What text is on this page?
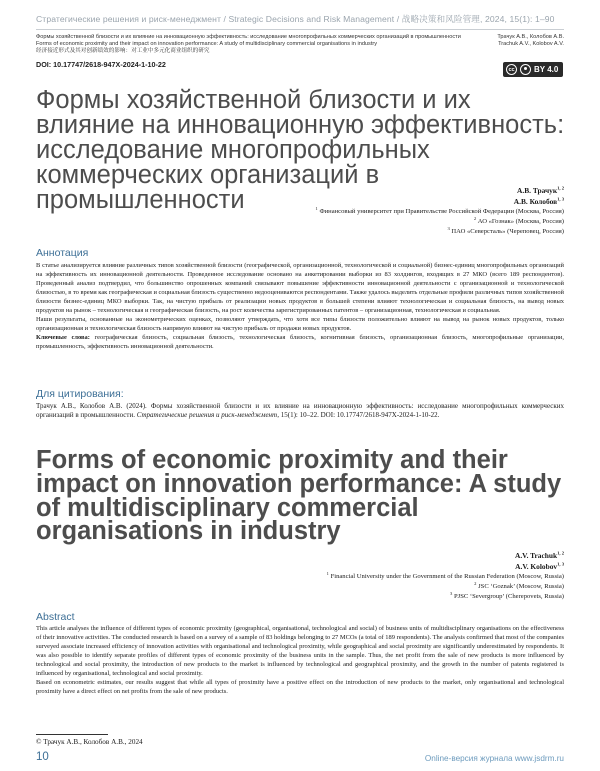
Стратегические решения и риск-менеджмент / Strategic Decisions and Risk Management / 战略决策和风险管理, 2024, 15(1): 1–90
Формы хозяйственной близости и их влияние на инновационную эффективность: исследование многопрофильных коммерческих организаций в промышленности
Forms of economic proximity and their impact on innovation performance: A study of multidisciplinary commercial organisations in industry
经济接近形式及其对创新绩效的影响：对工业中多元化商业组织的研究
Трачук А.В., Колобов А.В.
Trachuk A.V., Kolobov A.V.
DOI: 10.17747/2618-947X-2024-1-10-22
cc	BY 4.0
Формы хозяйственной близости и их влияние на инновационную эффективность: исследование многопрофильных коммерческих организаций в промышленности	А.В. Трачук$^{1, 2}$
А.В. Колобов$^{1, 3}$
$^1$ Финансовый университет при Правительстве Российской Федерации (Москва, Россия)
$^2$ АО «Гознак» (Москва, Россия)
$^3$ ПАО «Северсталь» (Череповец, Россия)
Аннотация

В статье анализируется влияние различных типов хозяйственной близости (географической, организационной, технологической и социальной) бизнес-единиц многопрофильных организаций на эффективность их инновационной деятельности. Проведенное исследование основано на анкетировании выборки из 83 холдингов, входящих в 27 МКО (всего 189 респондентов). Проведенный анализ подтвердил, что большинство опрошенных компаний связывают повышение эффективности инновационной деятельности с организационной и технологической близостью, в то время как географическая и социальная близость существенно недооцениваются респондентами. Также удалось выделить отдельные профили различных типов хозяйственной близости бизнес-единиц МКО выборки. Так, на чистую прибыль от реализации новых продуктов в большей степени влияют технологическая и социальная близость, на вывод новых продуктов на рынок – технологическая и географическая близость, на рост количества зарегистрированных патентов – организационная, технологическая и социальная.

Наши результаты, основанные на эконометрических оценках, позволяют утверждать, что хотя все типы близости положительно влияют на вывод на рынок новых продуктов, только организационная и технологическая близость напрямую влияют на чистую прибыль от продажи новых продуктов.

Ключевые слова: географическая близость, социальная близость, технологическая близость, когнитивная близость, организационная близость, многопрофильные организации, промышленность, эффективность инновационной деятельности.

Для цитирования:
Трачук А.В., Колобов А.В. (2024). Формы хозяйственной близости и их влияние на инновационную эффективность: исследование многопрофильных коммерческих организаций в промышленности. Стратегические решения и риск-менеджмент, 15(1): 10–22. DOI: 10.17747/2618-947X-2024-1-10-22.
Forms of economic proximity and their impact on innovation performance: A study of multidisciplinary commercial organisations in industry
A.V. Trachuk$^{1, 2}$
A.V. Kolobov$^{1, 3}$
$^1$ Financial University under the Government of the Russian Federation (Moscow, Russia)
$^2$ JSC ‘Goznak’ (Moscow, Russia)
$^3$ PJSC ‘Severgroup’ (Cherepovets, Russia)
Abstract

This article analyses the influence of different types of economic proximity (geographical, organisational, technological and social) of business units of multidisciplinary organisations on the effectiveness of their innovative activities. The conducted research is based on a survey of a sample of 83 holdings belonging to 27 MCOs (a total of 189 respondents). The analysis confirmed that most of the companies surveyed associate increased efficiency of innovation activities with organisational and technological proximity, while geographical and social proximity are significantly underestimated by respondents. It was also possible to identify separate profiles of different types of economic proximity of the business units in the sample. Thus, the net profit from the sale of new products is more influenced by technological and social proximity, the introduction of new products to the market is influenced by technological and geographical proximity, and the growth in the number of patents registered is influenced by organisational, technological and social proximity.

Based on econometric estimates, our results suggest that while all types of proximity have a positive effect on the introduction of new products to the market, only organisational and technological proximity have a direct effect on net profits from the sale of new products.

© Трачук А.В., Колобов А.В., 2024
10	Online-версия журнала www.jsdrm.ru
